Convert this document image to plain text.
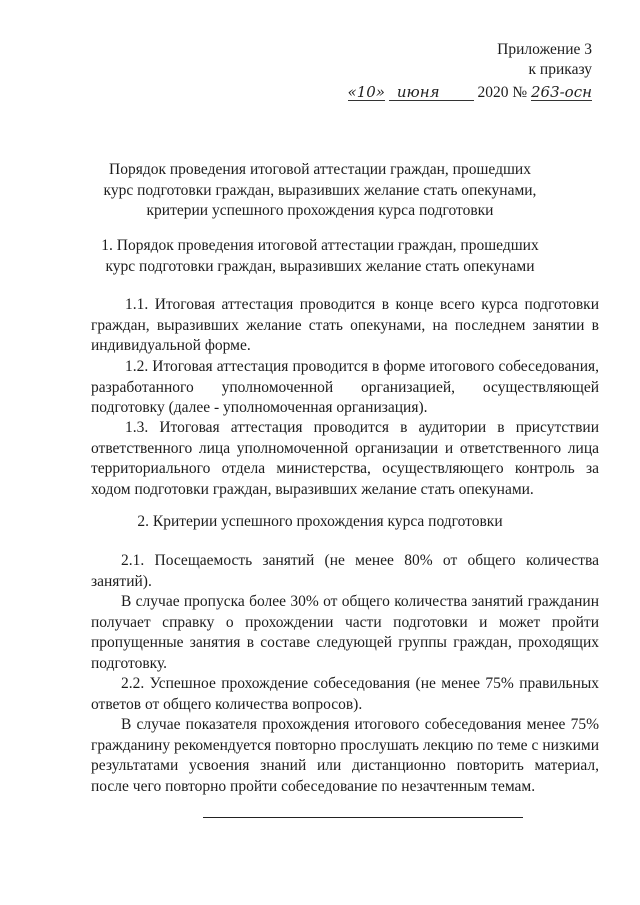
Приложение 3
к приказу
«10» июня 2020 № 263-осн
Порядок проведения итоговой аттестации граждан, прошедших курс подготовки граждан, выразивших желание стать опекунами, критерии успешного прохождения курса подготовки
1. Порядок проведения итоговой аттестации граждан, прошедших курс подготовки граждан, выразивших желание стать опекунами
1.1. Итоговая аттестация проводится в конце всего курса подготовки граждан, выразивших желание стать опекунами, на последнем занятии в индивидуальной форме.
1.2. Итоговая аттестация проводится в форме итогового собеседования, разработанного уполномоченной организацией, осуществляющей подготовку (далее - уполномоченная организация).
1.3. Итоговая аттестация проводится в аудитории в присутствии ответственного лица уполномоченной организации и ответственного лица территориального отдела министерства, осуществляющего контроль за ходом подготовки граждан, выразивших желание стать опекунами.
2. Критерии успешного прохождения курса подготовки
2.1. Посещаемость занятий (не менее 80% от общего количества занятий).
В случае пропуска более 30% от общего количества занятий гражданин получает справку о прохождении части подготовки и может пройти пропущенные занятия в составе следующей группы граждан, проходящих подготовку.
2.2. Успешное прохождение собеседования (не менее 75% правильных ответов от общего количества вопросов).
В случае показателя прохождения итогового собеседования менее 75% гражданину рекомендуется повторно прослушать лекцию по теме с низкими результатами усвоения знаний или дистанционно повторить материал, после чего повторно пройти собеседование по незачтенным темам.
